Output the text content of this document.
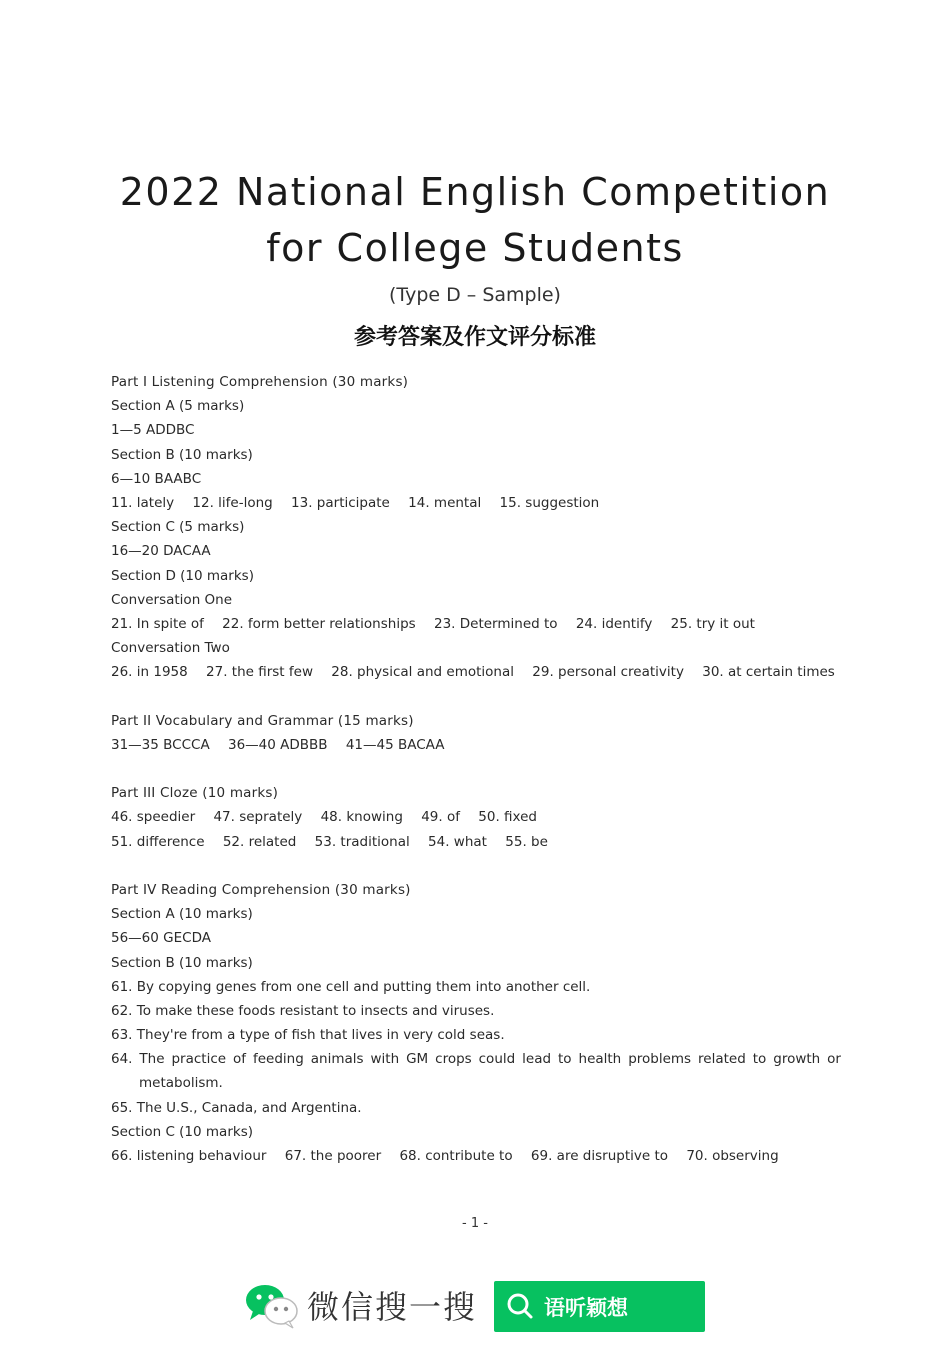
2022 National English Competition
for College Students
(Type D – Sample)
参考答案及作文评分标准
Part I Listening Comprehension (30 marks)
Section A (5 marks)
1—5 ADDBC
Section B (10 marks)
6—10 BAABC
11. lately 12. life-long 13. participate 14. mental 15. suggestion
Section C (5 marks)
16—20 DACAA
Section D (10 marks)
Conversation One
21. In spite of 22. form better relationships 23. Determined to 24. identify 25. try it out
Conversation Two
26. in 1958 27. the first few 28. physical and emotional 29. personal creativity 30. at certain times
Part II Vocabulary and Grammar (15 marks)
31—35 BCCCA 36—40 ADBBB 41—45 BACAA
Part III Cloze (10 marks)
46. speedier 47. seprately 48. knowing 49. of 50. fixed
51. difference 52. related 53. traditional 54. what 55. be
Part IV Reading Comprehension (30 marks)
Section A (10 marks)
56—60 GECDA
Section B (10 marks)
61. By copying genes from one cell and putting them into another cell.
62. To make these foods resistant to insects and viruses.
63. They're from a type of fish that lives in very cold seas.
64. The practice of feeding animals with GM crops could lead to health problems related to growth or metabolism.
65. The U.S., Canada, and Argentina.
Section C (10 marks)
66. listening behaviour 67. the poorer 68. contribute to 69. are disruptive to 70. observing
- 1 -
微信搜一搜	语听颖想
